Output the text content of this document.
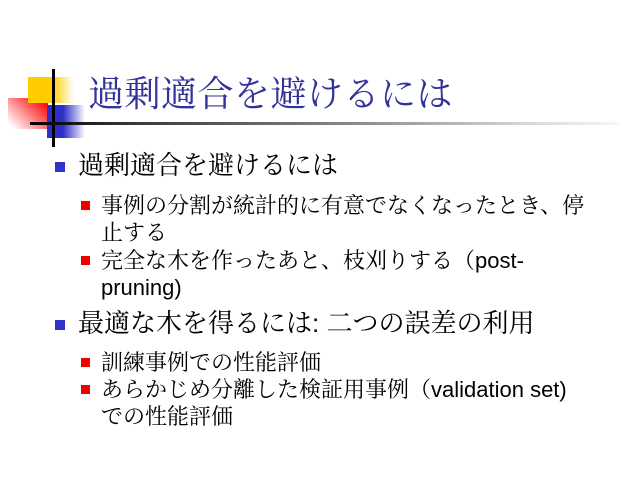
過剰適合を避けるには
過剰適合を避けるには
事例の分割が統計的に有意でなくなったとき、停
止する
完全な木を作ったあと、枝刈りする（post-
pruning)
最適な木を得るには: 二つの誤差の利用
訓練事例での性能評価
あらかじめ分離した検証用事例（validation set)
での性能評価
